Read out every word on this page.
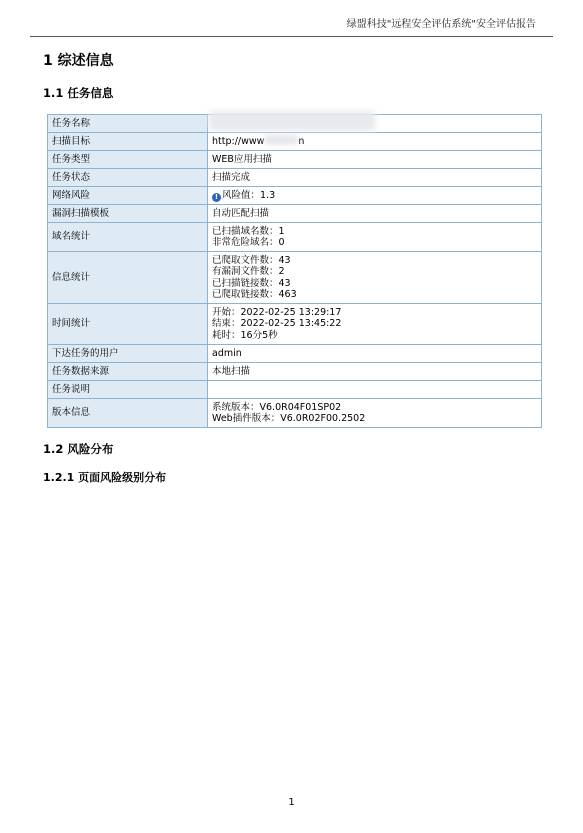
绿盟科技"远程安全评估系统"安全评估报告
1 综述信息
1.1 任务信息
任务名称	

扫描目标	http://www n

任务类型	WEB应用扫描

任务状态	扫描完成

网络风险	! 风险值：1.3

漏洞扫描模板	自动匹配扫描

域名统计	已扫描域名数：1
非常危险域名：0

信息统计	已爬取文件数：43
有漏洞文件数：2
已扫描链接数：43
已爬取链接数：463

时间统计	开始：2022-02-25 13:29:17
结束：2022-02-25 13:45:22
耗时：16分5秒

下达任务的用户	admin

任务数据来源	本地扫描

任务说明	

版本信息	系统版本：V6.0R04F01SP02
Web插件版本：V6.0R02F00.2502
1.2 风险分布
1.2.1 页面风险级别分布
1
